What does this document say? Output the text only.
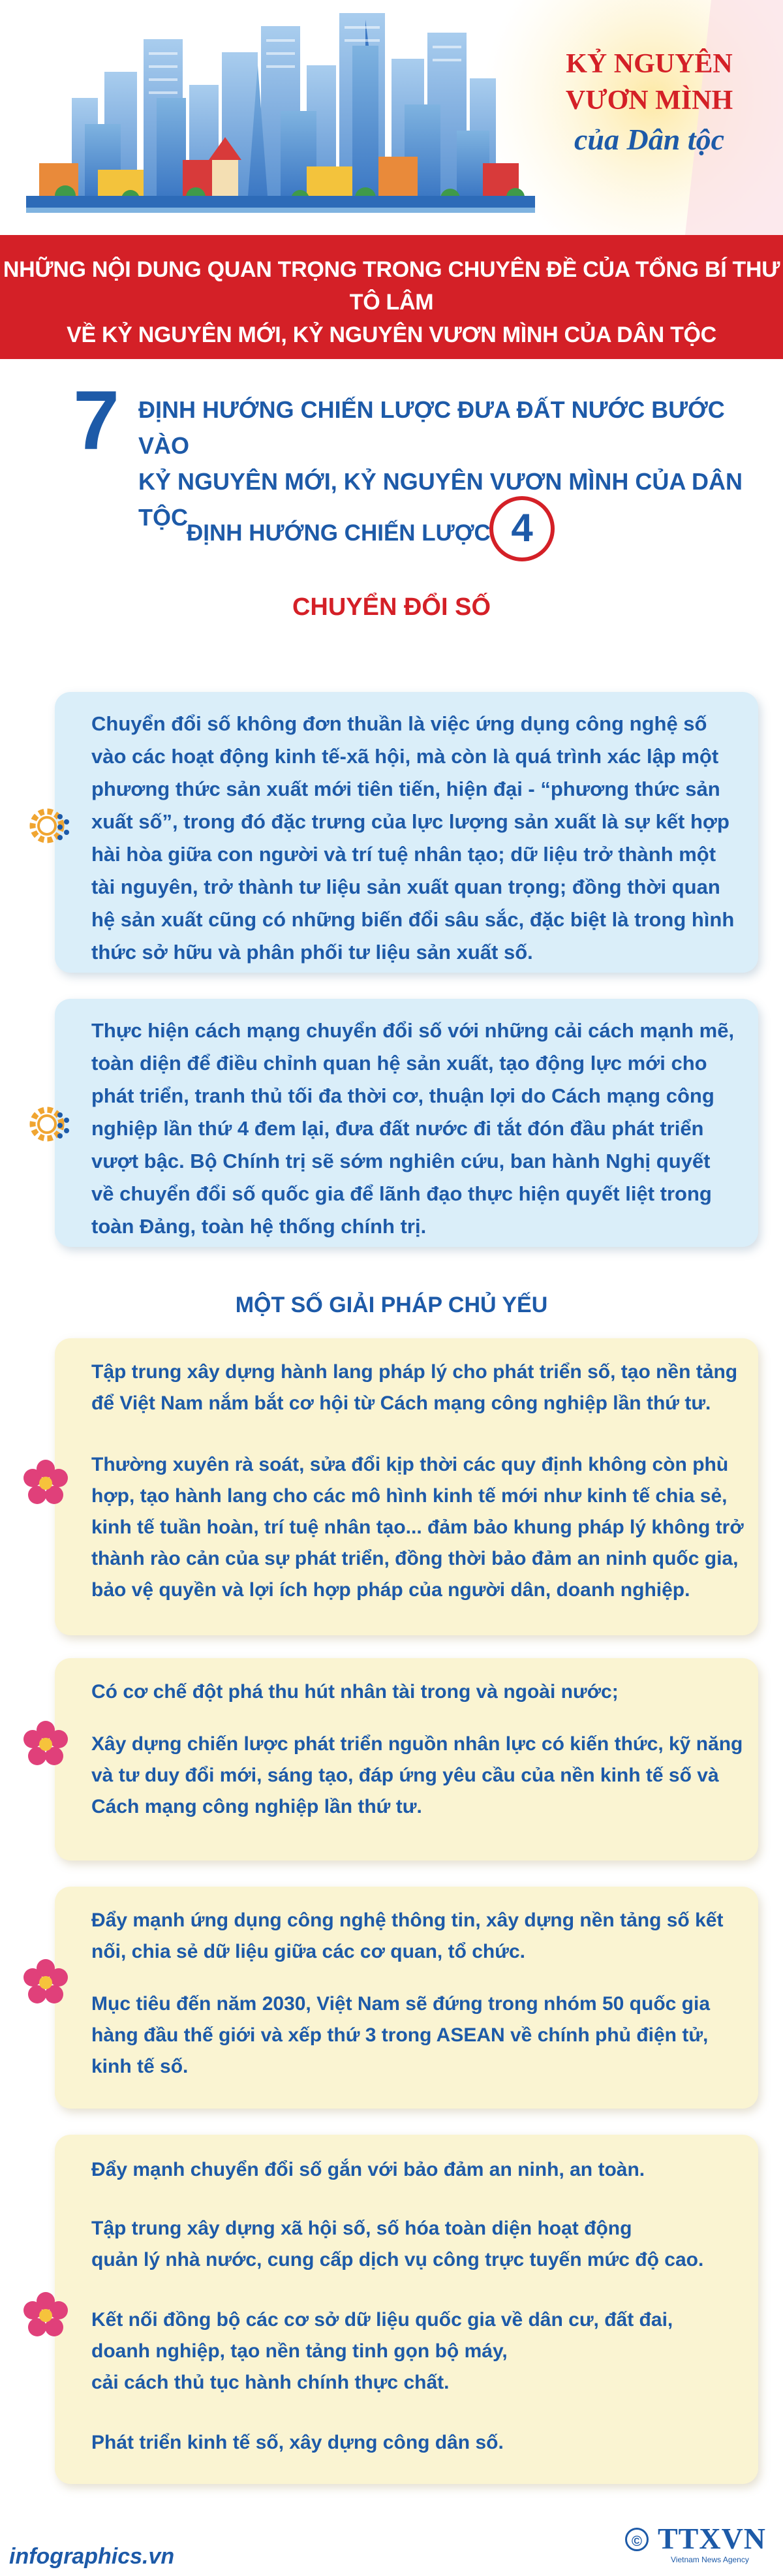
KỶ NGUYÊN
VƯƠN MÌNH
của Dân tộc
NHỮNG NỘI DUNG QUAN TRỌNG TRONG CHUYÊN ĐỀ CỦA TỔNG BÍ THƯ TÔ LÂM
VỀ KỶ NGUYÊN MỚI, KỶ NGUYÊN VƯƠN MÌNH CỦA DÂN TỘC
7 ĐỊNH HƯỚNG CHIẾN LƯỢC ĐƯA ĐẤT NƯỚC BƯỚC VÀO
KỶ NGUYÊN MỚI, KỶ NGUYÊN VƯƠN MÌNH CỦA DÂN TỘC
ĐỊNH HƯỚNG CHIẾN LƯỢC 4
CHUYỂN ĐỔI SỐ
Chuyển đổi số không đơn thuần là việc ứng dụng công nghệ số vào các hoạt động kinh tế-xã hội, mà còn là quá trình xác lập một phương thức sản xuất mới tiên tiến, hiện đại - “phương thức sản xuất số”, trong đó đặc trưng của lực lượng sản xuất là sự kết hợp hài hòa giữa con người và trí tuệ nhân tạo; dữ liệu trở thành một tài nguyên, trở thành tư liệu sản xuất quan trọng; đồng thời quan hệ sản xuất cũng có những biến đổi sâu sắc, đặc biệt là trong hình thức sở hữu và phân phối tư liệu sản xuất số.
Thực hiện cách mạng chuyển đổi số với những cải cách mạnh mẽ, toàn diện để điều chỉnh quan hệ sản xuất, tạo động lực mới cho phát triển, tranh thủ tối đa thời cơ, thuận lợi do Cách mạng công nghiệp lần thứ 4 đem lại, đưa đất nước đi tắt đón đầu phát triển vượt bậc. Bộ Chính trị sẽ sớm nghiên cứu, ban hành Nghị quyết về chuyển đổi số quốc gia để lãnh đạo thực hiện quyết liệt trong toàn Đảng, toàn hệ thống chính trị.
MỘT SỐ GIẢI PHÁP CHỦ YẾU
Tập trung xây dựng hành lang pháp lý cho phát triển số, tạo nền tảng để Việt Nam nắm bắt cơ hội từ Cách mạng công nghiệp lần thứ tư.
Thường xuyên rà soát, sửa đổi kịp thời các quy định không còn phù hợp, tạo hành lang cho các mô hình kinh tế mới như kinh tế chia sẻ, kinh tế tuần hoàn, trí tuệ nhân tạo... đảm bảo khung pháp lý không trở thành rào cản của sự phát triển, đồng thời bảo đảm an ninh quốc gia, bảo vệ quyền và lợi ích hợp pháp của người dân, doanh nghiệp.
Có cơ chế đột phá thu hút nhân tài trong và ngoài nước;
Xây dựng chiến lược phát triển nguồn nhân lực có kiến thức, kỹ năng và tư duy đổi mới, sáng tạo, đáp ứng yêu cầu của nền kinh tế số và Cách mạng công nghiệp lần thứ tư.
Đẩy mạnh ứng dụng công nghệ thông tin, xây dựng nền tảng số kết nối, chia sẻ dữ liệu giữa các cơ quan, tổ chức.
Mục tiêu đến năm 2030, Việt Nam sẽ đứng trong nhóm 50 quốc gia hàng đầu thế giới và xếp thứ 3 trong ASEAN về chính phủ điện tử, kinh tế số.
Đẩy mạnh chuyển đổi số gắn với bảo đảm an ninh, an toàn.
Tập trung xây dựng xã hội số, số hóa toàn diện hoạt động
quản lý nhà nước, cung cấp dịch vụ công trực tuyến mức độ cao.
Kết nối đồng bộ các cơ sở dữ liệu quốc gia về dân cư, đất đai,
doanh nghiệp, tạo nền tảng tinh gọn bộ máy,
cải cách thủ tục hành chính thực chất.
Phát triển kinh tế số, xây dựng công dân số.
infographics.vn
© TTXVN
Vietnam News Agency
